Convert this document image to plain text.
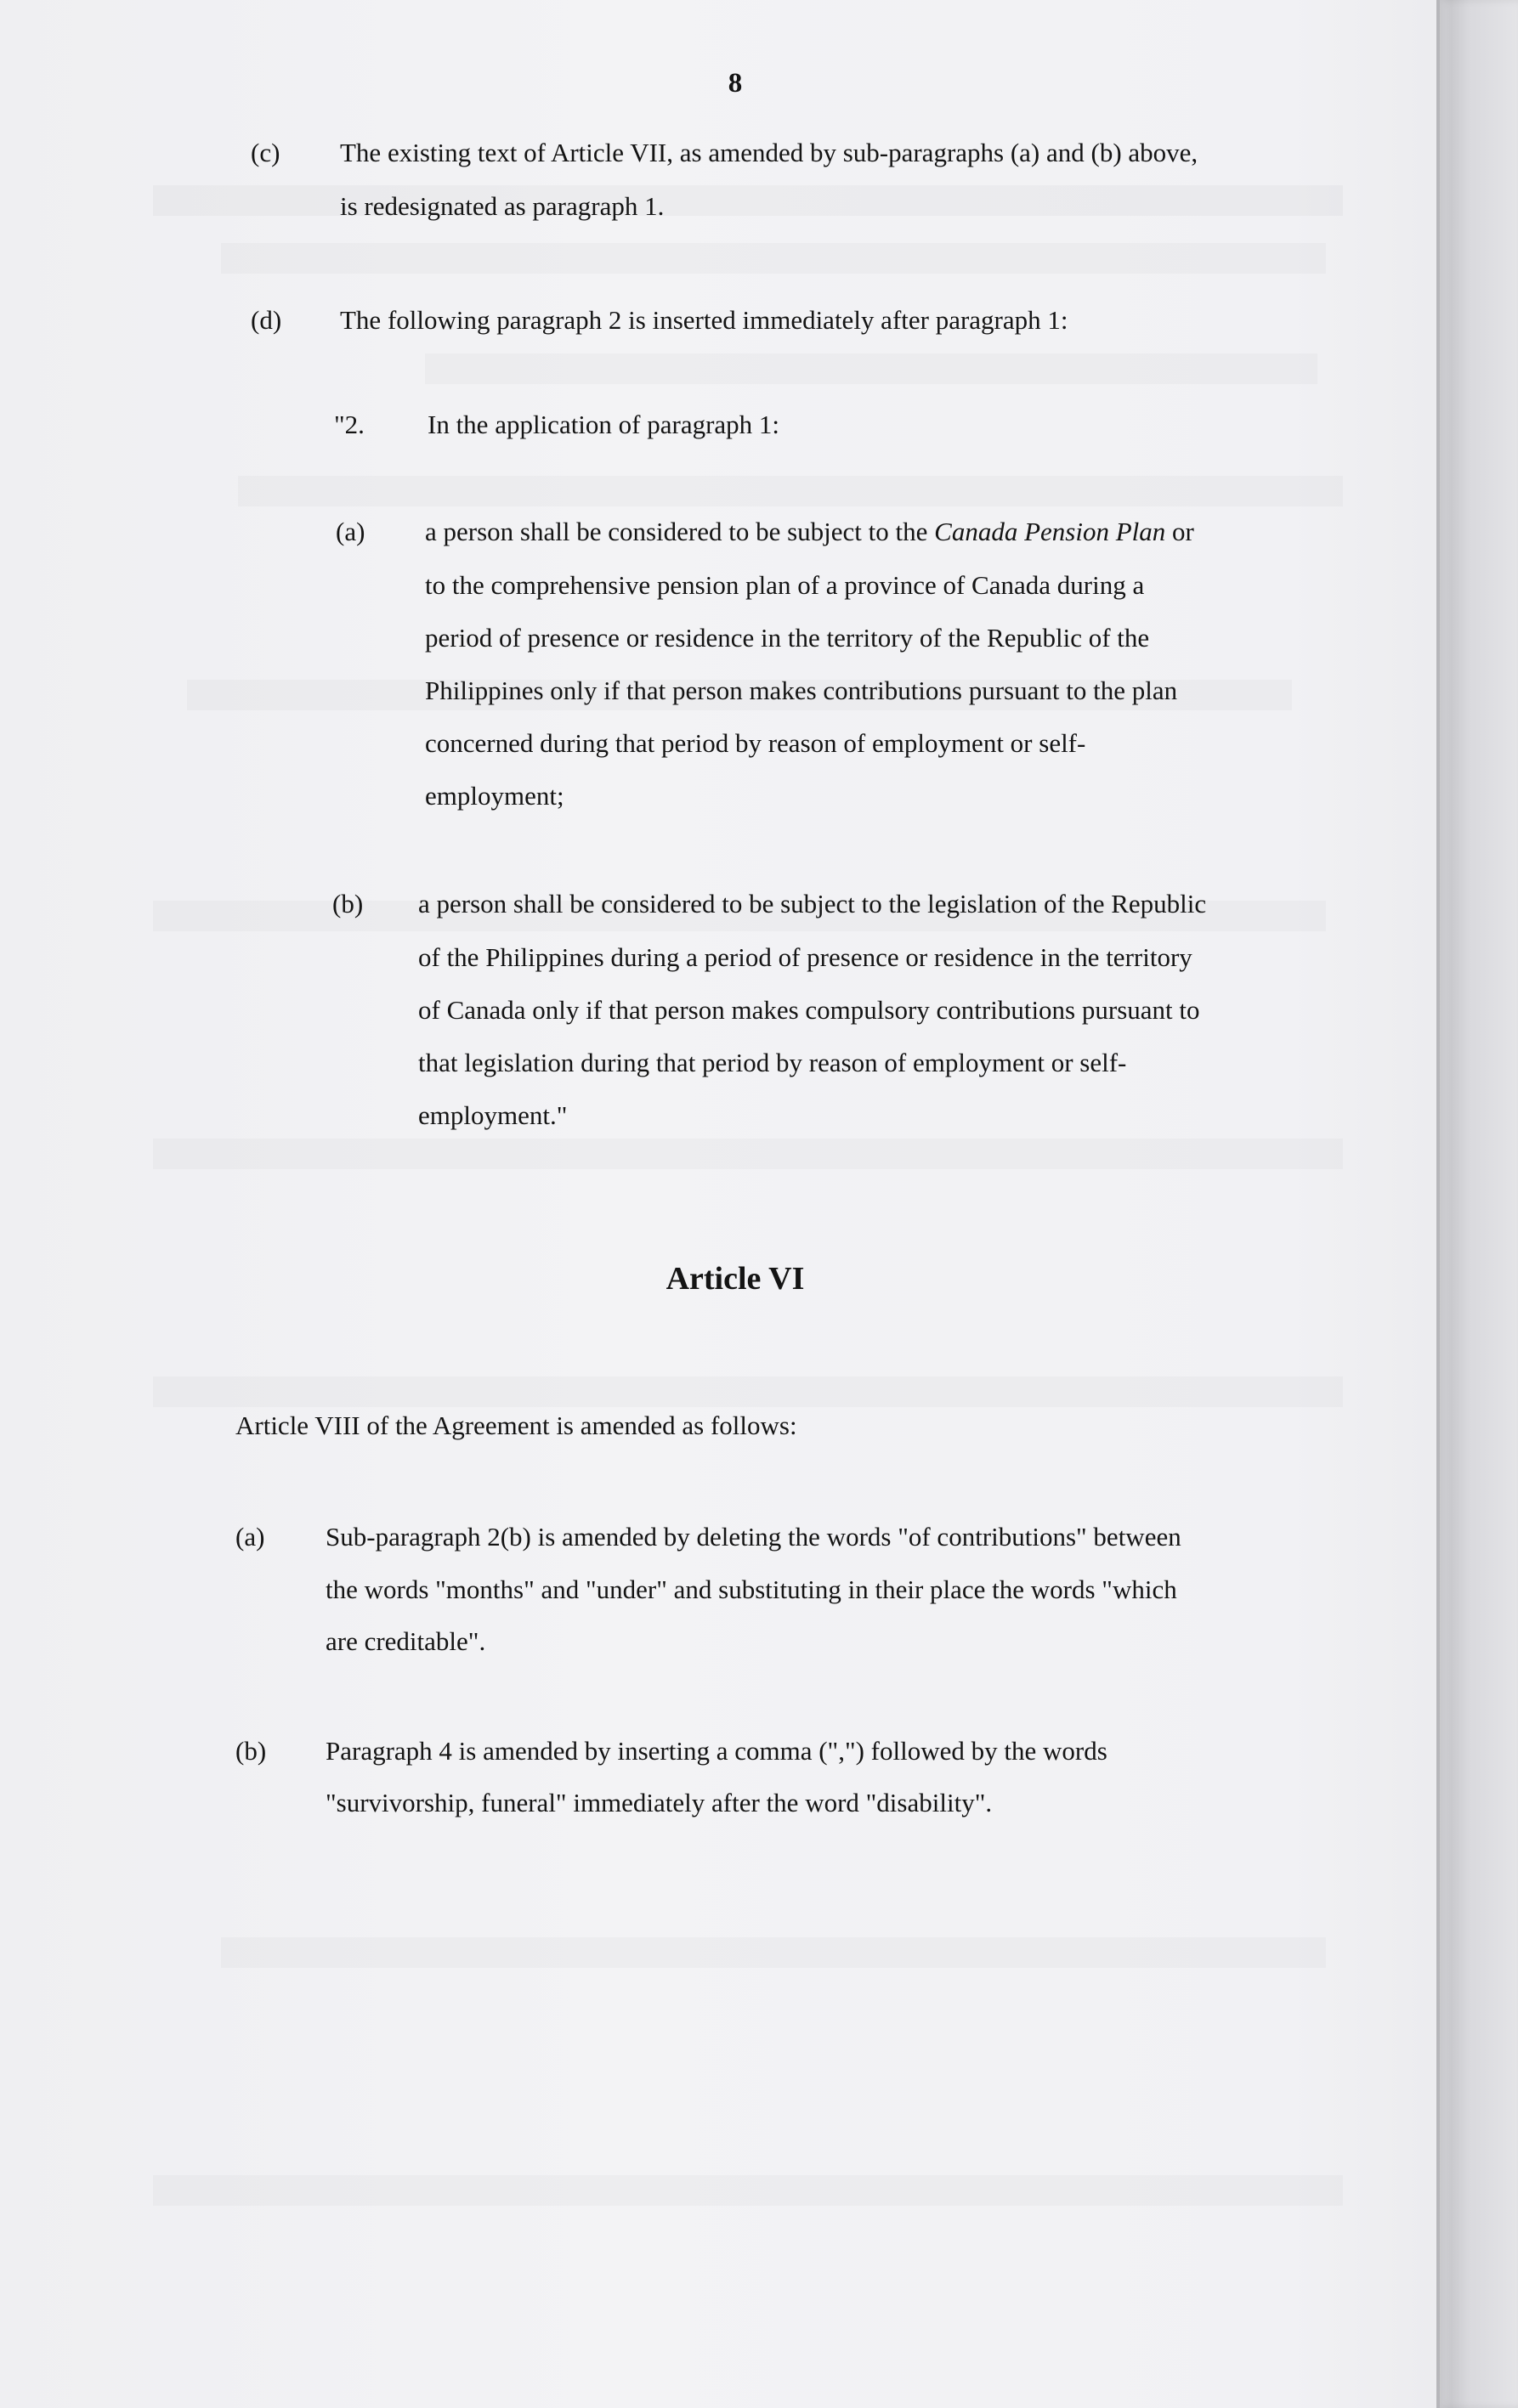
8
(c) The existing text of Article VII, as amended by sub-paragraphs (a) and (b) above,
is redesignated as paragraph 1.
(d) The following paragraph 2 is inserted immediately after paragraph 1:
"2. In the application of paragraph 1:
(a) a person shall be considered to be subject to the Canada Pension Plan or
to the comprehensive pension plan of a province of Canada during a
period of presence or residence in the territory of the Republic of the
Philippines only if that person makes contributions pursuant to the plan
concerned during that period by reason of employment or self-
employment;
(b) a person shall be considered to be subject to the legislation of the Republic
of the Philippines during a period of presence or residence in the territory
of Canada only if that person makes compulsory contributions pursuant to
that legislation during that period by reason of employment or self-
employment."
Article VI
Article VIII of the Agreement is amended as follows:
(a) Sub-paragraph 2(b) is amended by deleting the words "of contributions" between
the words "months" and "under" and substituting in their place the words "which
are creditable".
(b) Paragraph 4 is amended by inserting a comma (",") followed by the words
"survivorship, funeral" immediately after the word "disability".
